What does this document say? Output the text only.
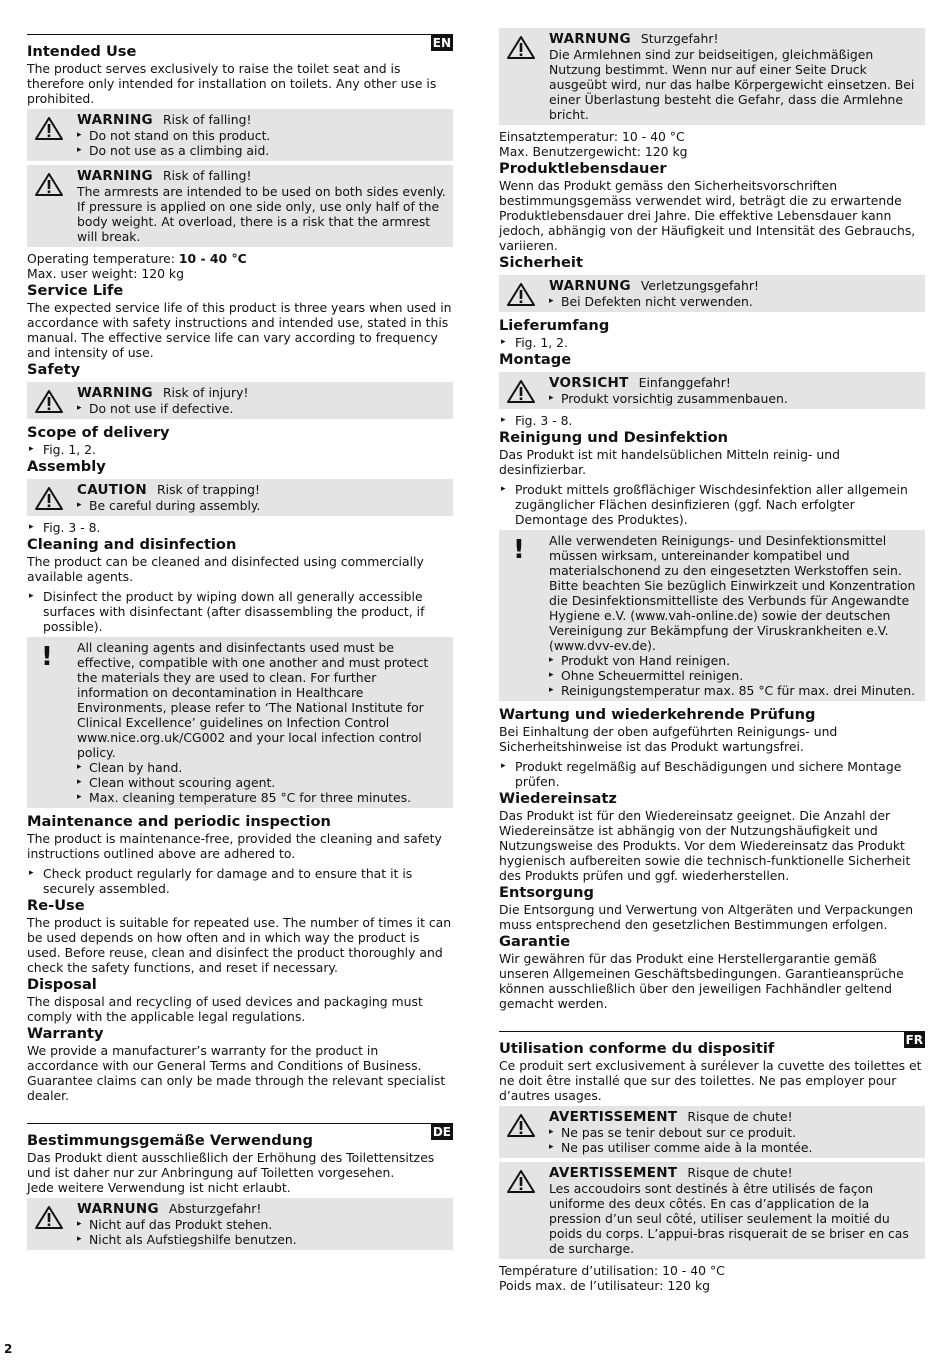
EN
Intended Use

The product serves exclusively to raise the toilet seat and is therefore only intended for installation on toilets. Any other use is prohibited.

WARNING Risk of falling!
▸ Do not stand on this product.
▸ Do not use as a climbing aid.
WARNING Risk of falling!

The armrests are intended to be used on both sides evenly. If pressure is applied on one side only, use only half of the body weight. At overload, there is a risk that the armrest will break.

Operating temperature: 10 - 40 °C

Max. user weight: 120 kg

Service Life

The expected service life of this product is three years when used in accordance with safety instructions and intended use, stated in this manual. The effective service life can vary according to frequency and intensity of use.

Safety
WARNING Risk of injury!
▸ Do not use if defective.
Scope of delivery
▸ Fig. 1, 2.
Assembly
CAUTION Risk of trapping!
▸ Be careful during assembly.
▸ Fig. 3 - 8.
Cleaning and disinfection

The product can be cleaned and disinfected using commercially available agents.

▸ Disinfect the product by wiping down all generally accessible surfaces with disinfectant (after disassembling the product, if possible).
! All cleaning agents and disinfectants used must be effective, compatible with one another and must protect the materials they are used to clean. For further information on decontamination in Healthcare Environments, please refer to ‘The National Institute for Clinical Excellence’ guidelines on Infection Control www.nice.org.uk/CG002 and your local infection control policy.

▸ Clean by hand.
▸ Clean without scouring agent.
▸ Max. cleaning temperature 85 °C for three minutes.
Maintenance and periodic inspection

The product is maintenance-free, provided the cleaning and safety instructions outlined above are adhered to.

▸ Check product regularly for damage and to ensure that it is securely assembled.
Re-Use

The product is suitable for repeated use. The number of times it can be used depends on how often and in which way the product is used. Before reuse, clean and disinfect the product thoroughly and check the safety functions, and reset if necessary.

Disposal

The disposal and recycling of used devices and packaging must comply with the applicable legal regulations.

Warranty

We provide a manufacturer’s warranty for the product in accordance with our General Terms and Conditions of Business. Guarantee claims can only be made through the relevant specialist dealer.

DE
Bestimmungsgemäße Verwendung

Das Produkt dient ausschließlich der Erhöhung des Toilettensitzes und ist daher nur zur Anbringung auf Toiletten vorgesehen.

Jede weitere Verwendung ist nicht erlaubt.

WARNUNG Absturzgefahr!
▸ Nicht auf das Produkt stehen.
▸ Nicht als Aufstiegshilfe benutzen.
WARNUNG Sturzgefahr!

Die Armlehnen sind zur beidseitigen, gleichmäßigen Nutzung bestimmt. Wenn nur auf einer Seite Druck ausgeübt wird, nur das halbe Körpergewicht einsetzen. Bei einer Überlastung besteht die Gefahr, dass die Armlehne bricht.

Einsatztemperatur: 10 - 40 °C

Max. Benutzergewicht: 120 kg

Produktlebensdauer

Wenn das Produkt gemäss den Sicherheitsvorschriften bestimmungsgemäss verwendet wird, beträgt die zu erwartende Produktlebensdauer drei Jahre. Die effektive Lebensdauer kann jedoch, abhängig von der Häufigkeit und Intensität des Gebrauchs, variieren.

Sicherheit
WARNUNG Verletzungsgefahr!
▸ Bei Defekten nicht verwenden.
Lieferumfang
▸ Fig. 1, 2.
Montage
VORSICHT Einfanggefahr!
▸ Produkt vorsichtig zusammenbauen.
▸ Fig. 3 - 8.
Reinigung und Desinfektion

Das Produkt ist mit handelsüblichen Mitteln reinig- und desinfizierbar.

▸ Produkt mittels großflächiger Wischdesinfektion aller allgemein zugänglicher Flächen desinfizieren (ggf. Nach erfolgter Demontage des Produktes).
! Alle verwendeten Reinigungs- und Desinfektionsmittel müssen wirksam, untereinander kompatibel und materialschonend zu den eingesetzten Werkstoffen sein. Bitte beachten Sie bezüglich Einwirkzeit und Konzentration die Desinfektionsmittelliste des Verbunds für Angewandte Hygiene e.V. (www.vah-online.de) sowie der deutschen Vereinigung zur Bekämpfung der Viruskrankheiten e.V. (www.dvv-ev.de).

▸ Produkt von Hand reinigen.
▸ Ohne Scheuermittel reinigen.
▸ Reinigungstemperatur max. 85 °C für max. drei Minuten.
Wartung und wiederkehrende Prüfung

Bei Einhaltung der oben aufgeführten Reinigungs- und Sicherheitshinweise ist das Produkt wartungsfrei.

▸ Produkt regelmäßig auf Beschädigungen und sichere Montage prüfen.
Wiedereinsatz

Das Produkt ist für den Wiedereinsatz geeignet. Die Anzahl der Wiedereinsätze ist abhängig von der Nutzungshäufigkeit und Nutzungsweise des Produkts. Vor dem Wiedereinsatz das Produkt hygienisch aufbereiten sowie die technisch-funktionelle Sicherheit des Produkts prüfen und ggf. wiederherstellen.

Entsorgung

Die Entsorgung und Verwertung von Altgeräten und Verpackungen muss entsprechend den gesetzlichen Bestimmungen erfolgen.

Garantie

Wir gewähren für das Produkt eine Herstellergarantie gemäß unseren Allgemeinen Geschäftsbedingungen. Garantieansprüche können ausschließlich über den jeweiligen Fachhändler geltend gemacht werden.

FR
Utilisation conforme du dispositif

Ce produit sert exclusivement à surélever la cuvette des toilettes et ne doit être installé que sur des toilettes. Ne pas employer pour d’autres usages.

AVERTISSEMENT Risque de chute!
▸ Ne pas se tenir debout sur ce produit.
▸ Ne pas utiliser comme aide à la montée.
AVERTISSEMENT Risque de chute!

Les accoudoirs sont destinés à être utilisés de façon uniforme des deux côtés. En cas d’application de la pression d’un seul côté, utiliser seulement la moitié du poids du corps. L’appui-bras risquerait de se briser en cas de surcharge.

Température d’utilisation: 10 - 40 °C

Poids max. de l’utilisateur: 120 kg

2
